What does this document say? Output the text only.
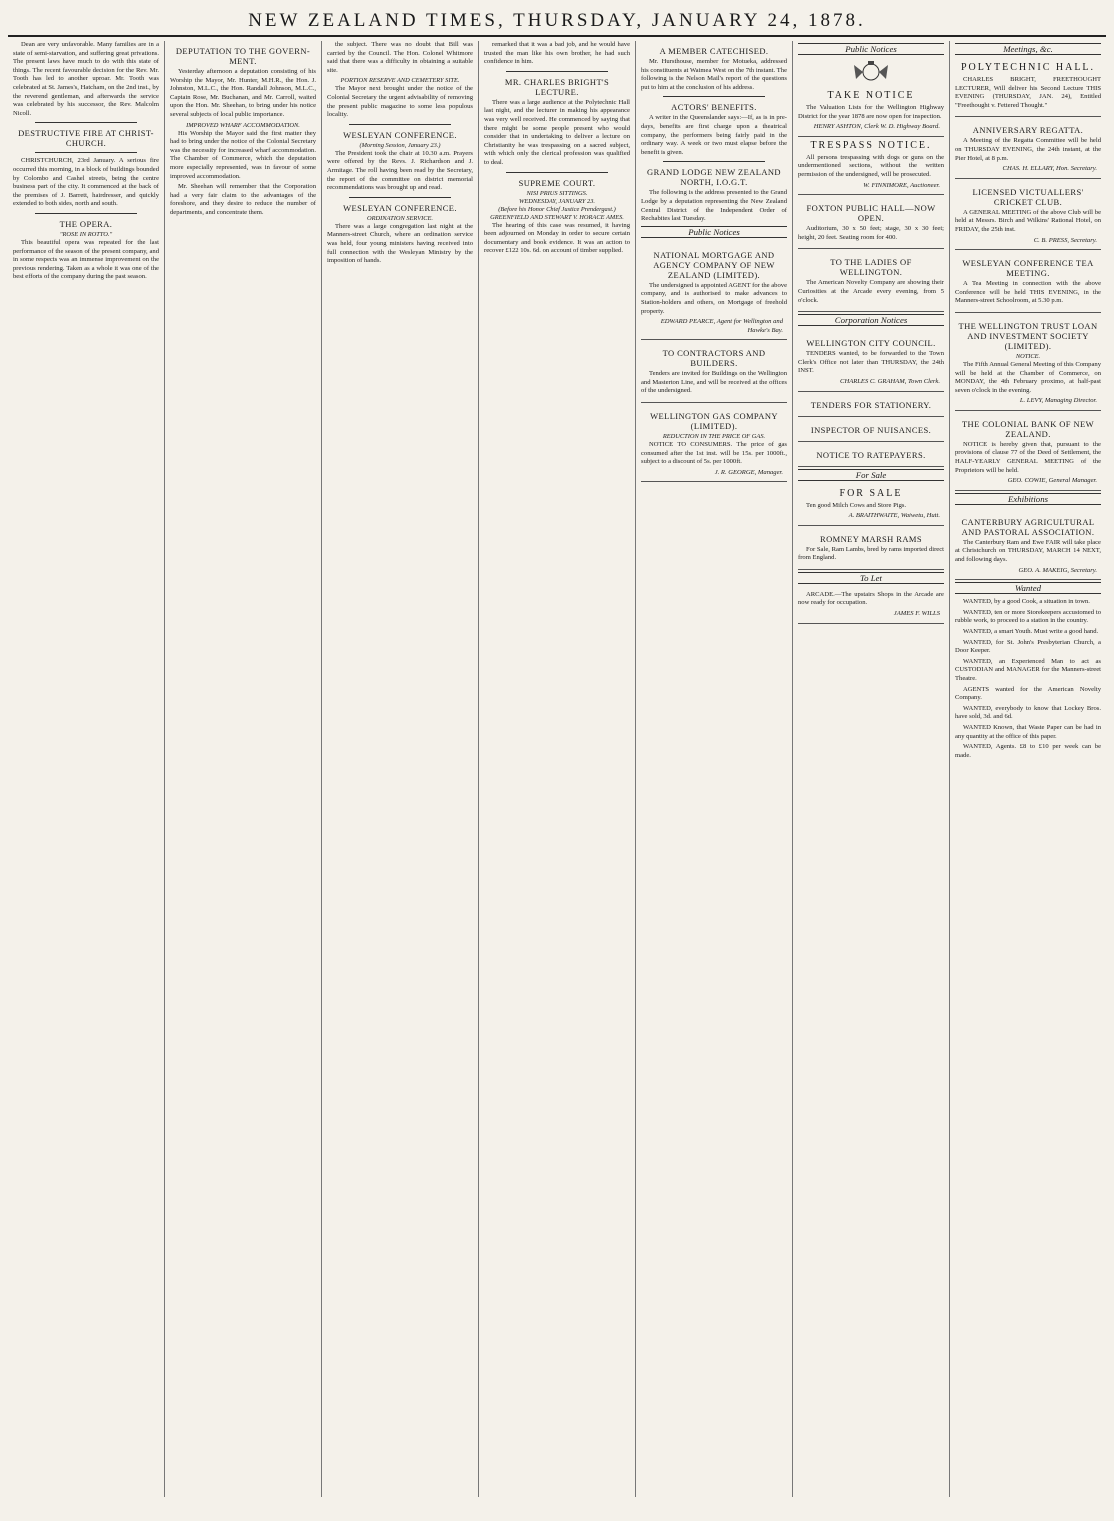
NEW ZEALAND TIMES, THURSDAY, JANUARY 24, 1878.

Dean are very unfavorable. Many families are in a state of semi-starvation, and suffering great privations. The present laws have much to do with this state of things. The recent favourable decision for the Rev. Mr. Tooth has led to another uproar. Mr. Tooth was celebrated at St. James's, Hatcham, on the 2nd inst., by the reverend gentleman, and afterwards the service was celebrated by his successor, the Rev. Malcolm Nicoll.

DESTRUCTIVE FIRE AT CHRIST-CHURCH.

CHRISTCHURCH, 23rd January. A serious fire occurred this morning, in a block of buildings bounded by Colombo and Cashel streets, being the centre business part of the city. It commenced at the back of the premises of J. Barrett, hairdresser, and quickly extended to both sides, north and south.

THE OPERA.
"ROSE IN ROTTO."

This beautiful opera was repeated for the last performance of the season of the present company, and in some respects was an immense improvement on the previous rendering. Taken as a whole it was one of the best efforts of the company during the past season.

DEPUTATION TO THE GOVERN-MENT.

Yesterday afternoon a deputation consisting of his Worship the Mayor, Mr. Hunter, M.H.R., the Hon. J. Johnston, M.L.C., the Hon. Randall Johnson, M.L.C., Captain Rose, Mr. Buchanan, and Mr. Carroll, waited upon the Hon. Mr. Sheehan, to bring under his notice several subjects of local public importance.

IMPROVED WHARF ACCOMMODATION.

His Worship the Mayor said the first matter they had to bring under the notice of the Colonial Secretary was the necessity for increased wharf accommodation. The Chamber of Commerce, which the deputation more especially represented, was in favour of some improved accommodation.

Mr. Sheehan will remember that the Corporation had a very fair claim to the advantages of the foreshore, and they desire to reduce the number of departments, and concentrate them.

the subject. There was no doubt that Bill was carried by the Council. The Hon. Colonel Whitmore said that there was a difficulty in obtaining a suitable site.

PORTION RESERVE AND CEMETERY SITE.

The Mayor next brought under the notice of the Colonial Secretary the urgent advisability of removing the present public magazine to some less populous locality.

WESLEYAN CONFERENCE.
(Morning Session, January 23.)

The President took the chair at 10.30 a.m. Prayers were offered by the Revs. J. Richardson and J. Armitage. The roll having been read by the Secretary, the report of the committee on district memorial recommendations was brought up and read.

WESLEYAN CONFERENCE.
ORDINATION SERVICE.

There was a large congregation last night at the Manners-street Church, where an ordination service was held, four young ministers having received into full connection with the Wesleyan Ministry by the imposition of hands.

remarked that it was a bad job, and he would have trusted the man like his own brother, he had such confidence in him.

MR. CHARLES BRIGHT'S LECTURE.

There was a large audience at the Polytechnic Hall last night, and the lecturer in making his appearance was very well received. He commenced by saying that there might be some people present who would consider that in undertaking to deliver a lecture on Christianity he was trespassing on a sacred subject, with which only the clerical profession was qualified to deal.

SUPREME COURT.
NISI PRIUS SITTINGS.
WEDNESDAY, JANUARY 23.
(Before his Honor Chief Justice Prendergast.)
GREENFIELD AND STEWART V. HORACE AMES.

The hearing of this case was resumed, it having been adjourned on Monday in order to secure certain documentary and book evidence. It was an action to recover £122 10s. 6d. on account of timber supplied.

A MEMBER CATECHISED.

Mr. Hursthouse, member for Motueka, addressed his constituents at Waimea West on the 7th instant. The following is the Nelson Mail's report of the questions put to him at the conclusion of his address.

ACTORS' BENEFITS.

A writer in the Queenslander says:—If, as is in pre-days, benefits are first charge upon a theatrical company, the performers being fairly paid in the ordinary way. A week or two must elapse before the benefit is given.

GRAND LODGE NEW ZEALAND NORTH, I.O.G.T.

The following is the address presented to the Grand Lodge by a deputation representing the New Zealand Central District of the Independent Order of Rechabites last Tuesday.

Public Notices
NATIONAL MORTGAGE AND AGENCY COMPANY OF NEW ZEALAND (LIMITED).

The undersigned is appointed AGENT for the above company, and is authorised to make advances to Station-holders and others, on Mortgage of freehold property.

EDWARD PEARCE, Agent for Wellington and Hawke's Bay.
TO CONTRACTORS AND BUILDERS.

Tenders are invited for Buildings on the Wellington and Masterton Line, and will be received at the offices of the undersigned.

WELLINGTON GAS COMPANY (LIMITED).
REDUCTION IN THE PRICE OF GAS.

NOTICE TO CONSUMERS. The price of gas consumed after the 1st inst. will be 15s. per 1000ft., subject to a discount of 5s. per 1000ft.

J. R. GEORGE, Manager.
Public Notices
TAKE NOTICE

The Valuation Lists for the Wellington Highway District for the year 1878 are now open for inspection.

HENRY ASHTON, Clerk W. D. Highway Board.
TRESPASS NOTICE.

All persons trespassing with dogs or guns on the undermentioned sections, without the written permission of the undersigned, will be prosecuted.

W. FINNIMORE, Auctioneer.
FOXTON PUBLIC HALL—NOW OPEN.

Auditorium, 30 x 50 feet; stage, 30 x 30 feet; height, 20 feet. Seating room for 400.

TO THE LADIES OF WELLINGTON.

The American Novelty Company are showing their Curiosities at the Arcade every evening, from 5 o'clock.

Corporation Notices
WELLINGTON CITY COUNCIL.

TENDERS wanted, to be forwarded to the Town Clerk's Office not later than THURSDAY, the 24th INST.

CHARLES C. GRAHAM, Town Clerk.
TENDERS FOR STATIONERY.
INSPECTOR OF NUISANCES.
NOTICE TO RATEPAYERS.
For Sale
FOR SALE

Ten good Milch Cows and Store Pigs.

A. BRAITHWAITE, Waiwetu, Hutt.
ROMNEY MARSH RAMS

For Sale, Ram Lambs, bred by rams imported direct from England.

To Let

ARCADE.—The upstairs Shops in the Arcade are now ready for occupation.

JAMES F. WILLS
Meetings, &c.
POLYTECHNIC HALL.

CHARLES BRIGHT, FREETHOUGHT LECTURER, Will deliver his Second Lecture THIS EVENING (THURSDAY, JAN. 24), Entitled "Freethought v. Fettered Thought."

ANNIVERSARY REGATTA.

A Meeting of the Regatta Committee will be held on THURSDAY EVENING, the 24th instant, at the Pier Hotel, at 8 p.m.

CHAS. H. ELLARY, Hon. Secretary.
LICENSED VICTUALLERS' CRICKET CLUB.

A GENERAL MEETING of the above Club will be held at Messrs. Birch and Wilkins' Rational Hotel, on FRIDAY, the 25th inst.

C. B. PRESS, Secretary.
WESLEYAN CONFERENCE TEA MEETING.

A Tea Meeting in connection with the above Conference will be held THIS EVENING, in the Manners-street Schoolroom, at 5.30 p.m.

THE WELLINGTON TRUST LOAN AND INVESTMENT SOCIETY (LIMITED).
NOTICE.

The Fifth Annual General Meeting of this Company will be held at the Chamber of Commerce, on MONDAY, the 4th February proximo, at half-past seven o'clock in the evening.

L. LEVY, Managing Director.
THE COLONIAL BANK OF NEW ZEALAND.

NOTICE is hereby given that, pursuant to the provisions of clause 77 of the Deed of Settlement, the HALF-YEARLY GENERAL MEETING of the Proprietors will be held.

GEO. COWIE, General Manager.
Exhibitions
CANTERBURY AGRICULTURAL AND PASTORAL ASSOCIATION.

The Canterbury Ram and Ewe FAIR will take place at Christchurch on THURSDAY, MARCH 14 NEXT, and following days.

GEO. A. MAKEIG, Secretary.
Wanted

WANTED, by a good Cook, a situation in town.

WANTED, ten or more Storekeepers accustomed to rubble work, to proceed to a station in the country.

WANTED, a smart Youth. Must write a good hand.

WANTED, for St. John's Presbyterian Church, a Door Keeper.

WANTED, an Experienced Man to act as CUSTODIAN and MANAGER for the Manners-street Theatre.

AGENTS wanted for the American Novelty Company.

WANTED, everybody to know that Lockey Bros. have sold, 3d. and 6d.

WANTED Known, that Waste Paper can be had in any quantity at the office of this paper.

WANTED, Agents. £8 to £10 per week can be made.
